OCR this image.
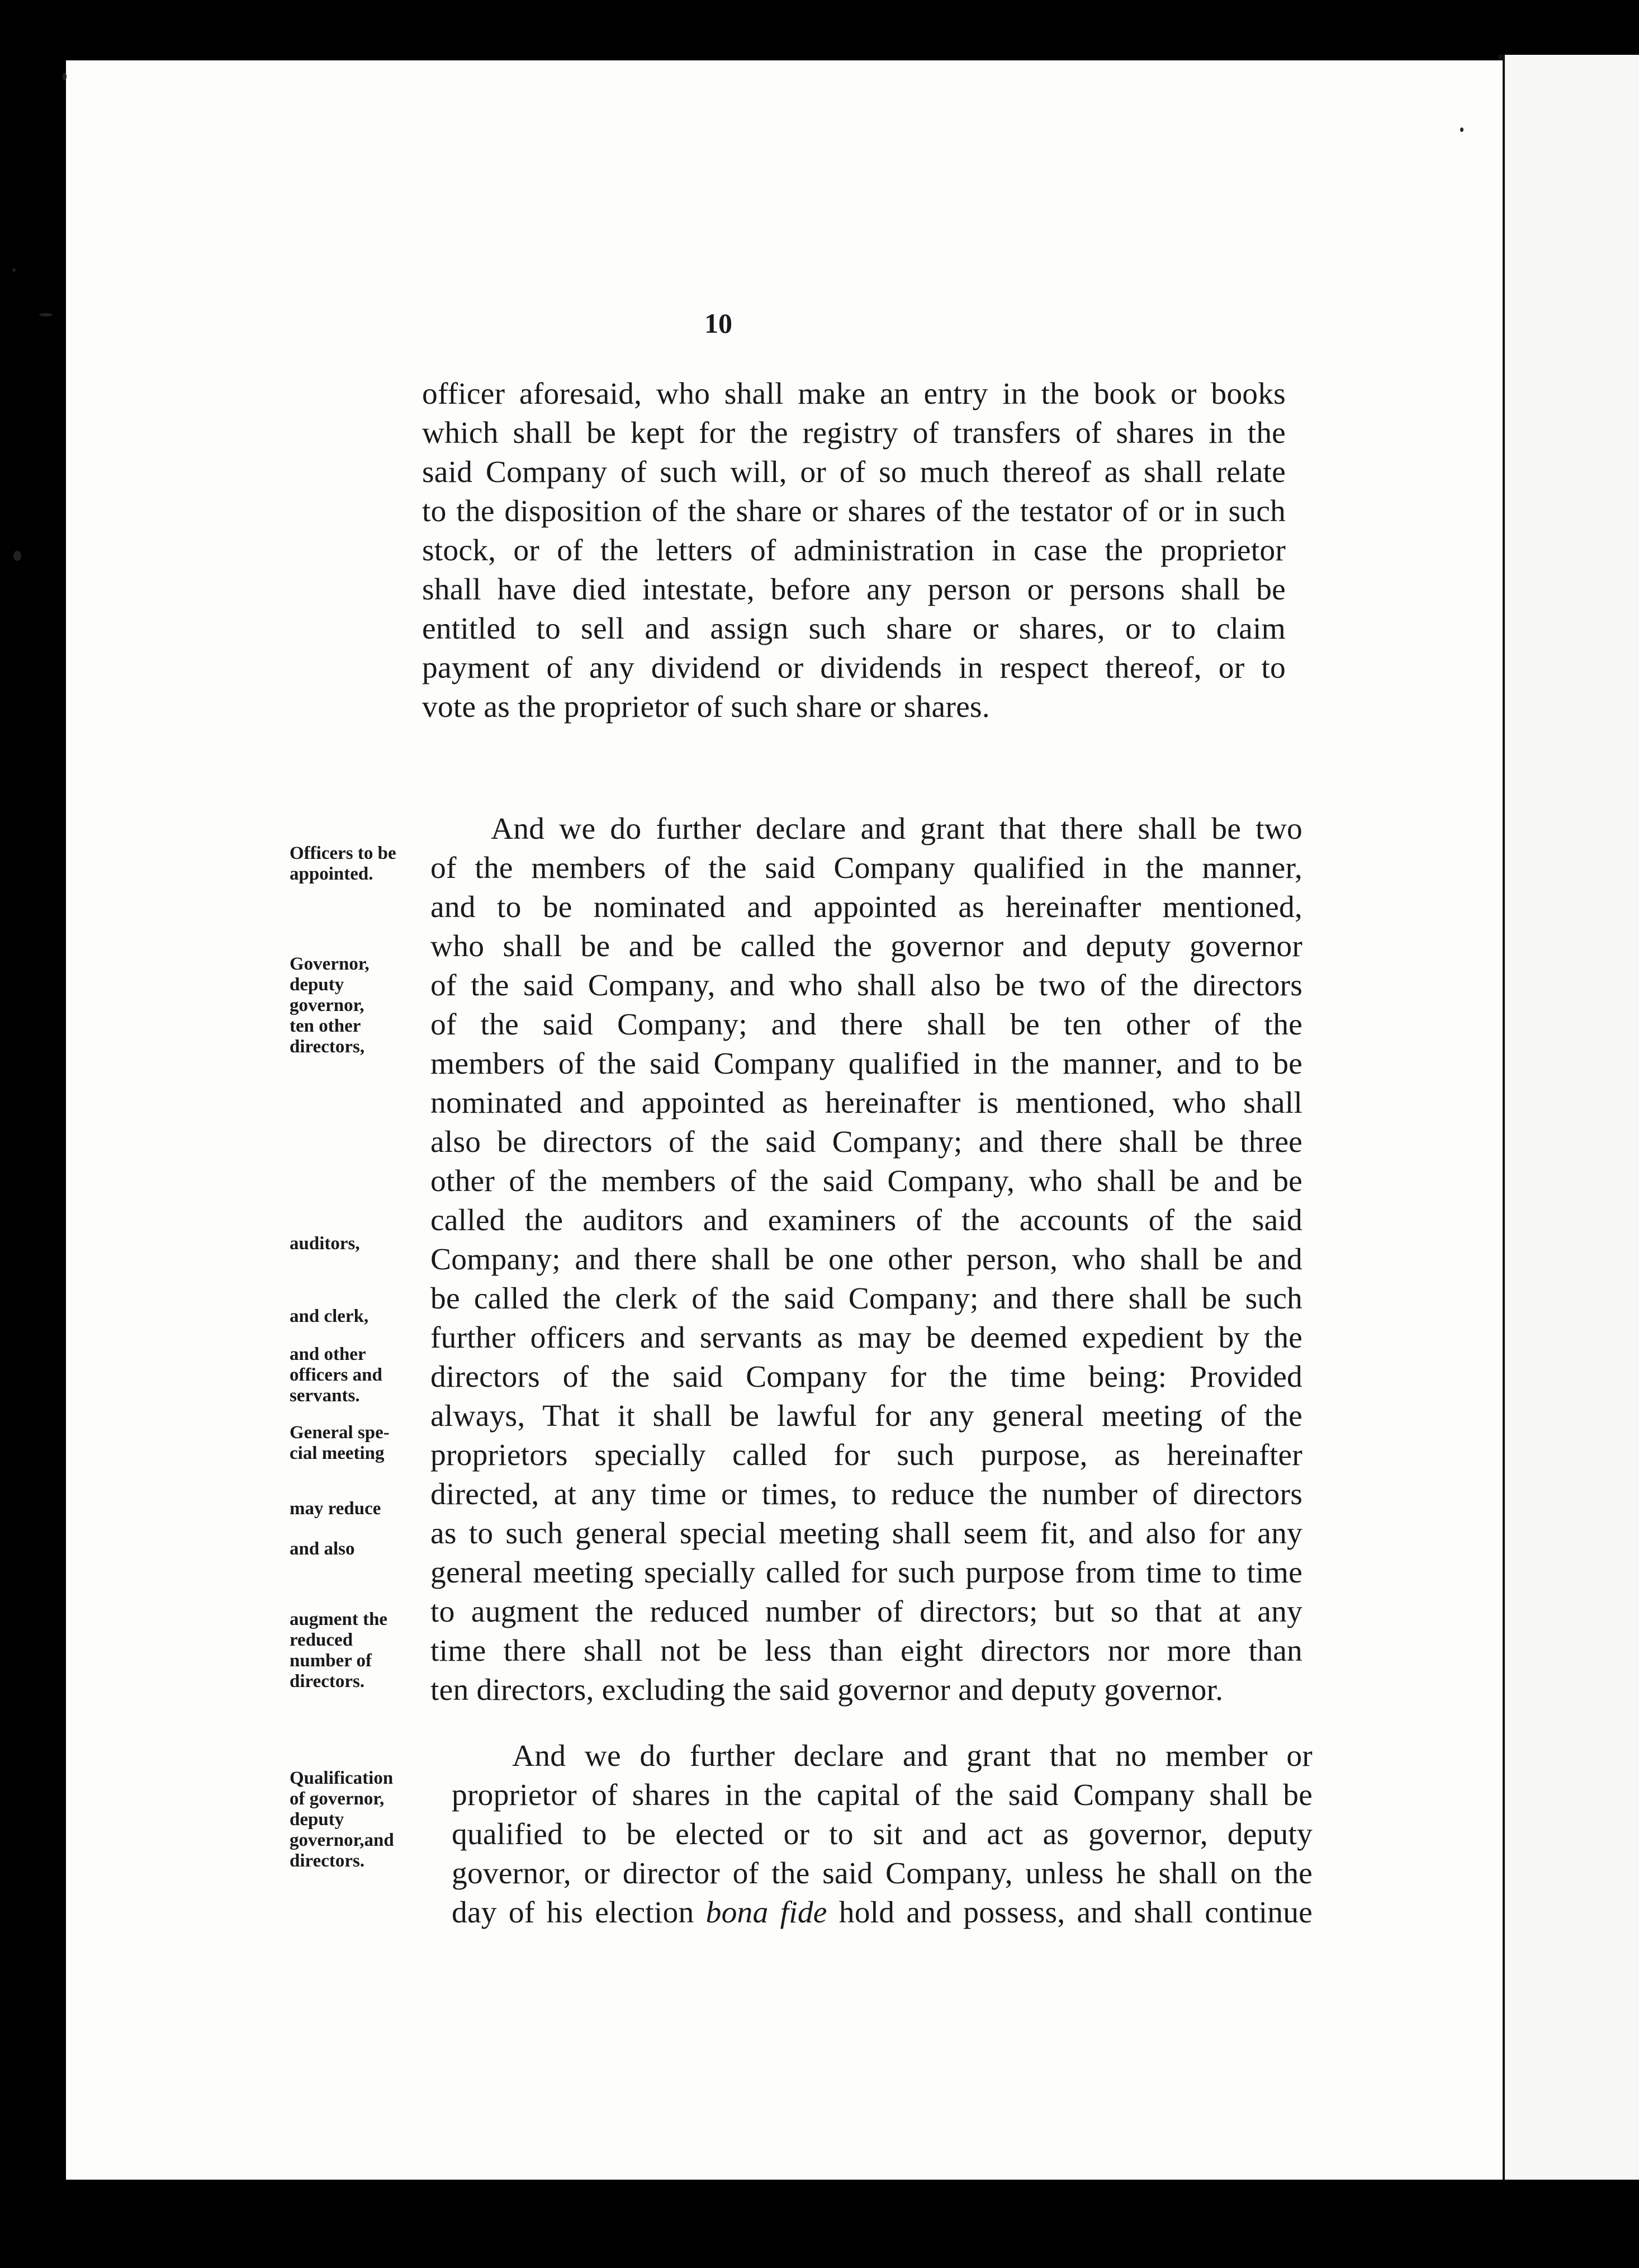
10
officer aforesaid, who shall make an entry in the book or books
which shall be kept for the registry of transfers of shares in the
said Company of such will, or of so much thereof as shall relate
to the disposition of the share or shares of the testator of or in such
stock, or of the letters of administration in case the proprietor
shall have died intestate, before any person or persons shall be
entitled to sell and assign such share or shares, or to claim
payment of any dividend or dividends in respect thereof, or to
vote as the proprietor of such share or shares.
And we do further declare and grant that there shall be two
of the members of the said Company qualified in the manner,
and to be nominated and appointed as hereinafter mentioned,
who shall be and be called the governor and deputy governor
of the said Company, and who shall also be two of the directors
of the said Company; and there shall be ten other of the
members of the said Company qualified in the manner, and to be
nominated and appointed as hereinafter is mentioned, who shall
also be directors of the said Company; and there shall be three
other of the members of the said Company, who shall be and be
called the auditors and examiners of the accounts of the said
Company; and there shall be one other person, who shall be and
be called the clerk of the said Company; and there shall be such
further officers and servants as may be deemed expedient by the
directors of the said Company for the time being: Provided
always, That it shall be lawful for any general meeting of the
proprietors specially called for such purpose, as hereinafter
directed, at any time or times, to reduce the number of directors
as to such general special meeting shall seem fit, and also for any
general meeting specially called for such purpose from time to time
to augment the reduced number of directors; but so that at any
time there shall not be less than eight directors nor more than
ten directors, excluding the said governor and deputy governor.
And we do further declare and grant that no member or
proprietor of shares in the capital of the said Company shall be
qualified to be elected or to sit and act as governor, deputy
governor, or director of the said Company, unless he shall on the
day of his election bona fide hold and possess, and shall continue
Officers to be
appointed.
Governor,
deputy
governor,
ten other
directors,
auditors,
and clerk,
and other
officers and
servants.
General spe-
cial meeting
may reduce
and also
augment the
reduced
number of
directors.
Qualification
of governor,
deputy
governor,and
directors.
